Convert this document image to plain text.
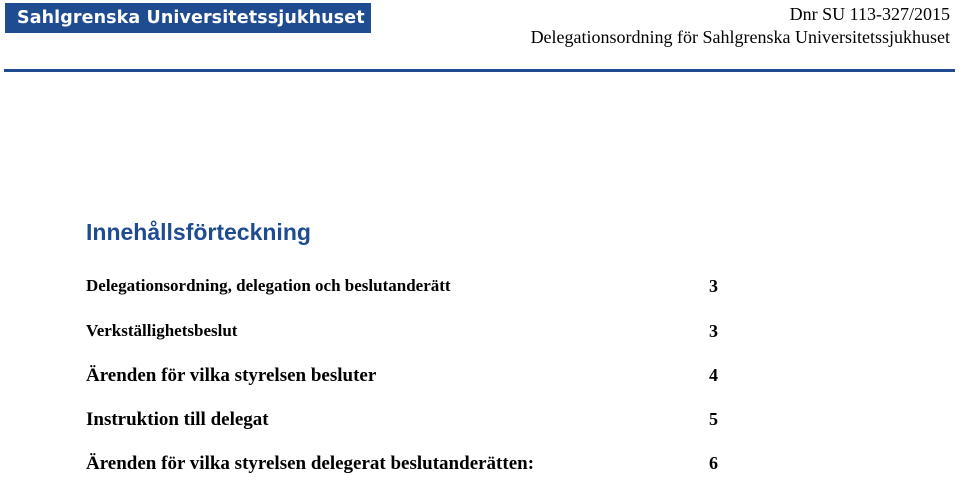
Sahlgrenska Universitetssjukhuset	Dnr SU 113-327/2015
Delegationsordning för Sahlgrenska Universitetssjukhuset
Innehållsförteckning
Delegationsordning, delegation och beslutanderätt	3
Verkställighetsbeslut	3
Ärenden för vilka styrelsen besluter	4
Instruktion till delegat	5
Ärenden för vilka styrelsen delegerat beslutanderätten:	6
